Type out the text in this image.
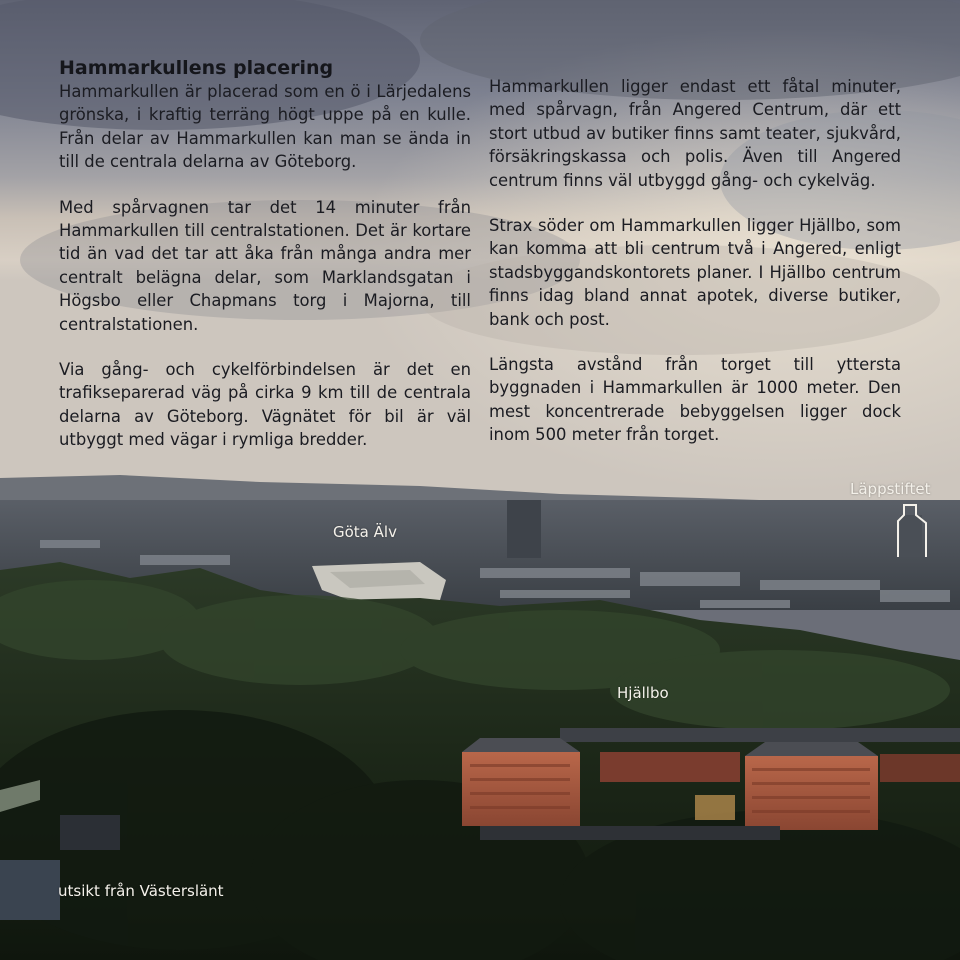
Hammarkullens placering

Hammarkullen är placerad som en ö i Lärjedalens grönska, i kraftig terräng högt uppe på en kulle. Från delar av Hammarkullen kan man se ända in till de centrala delarna av Göteborg.

Med spårvagnen tar det 14 minuter från Hammarkullen till centralstationen. Det är kortare tid än vad det tar att åka från många andra mer centralt belägna delar, som Marklandsgatan i Högsbo eller Chapmans torg i Majorna, till centralstationen.

Via gång- och cykelförbindelsen är det en trafikseparerad väg på cirka 9 km till de centrala delarna av Göteborg. Vägnätet för bil är väl utbyggt med vägar i rymliga bredder.

Hammarkullen ligger endast ett fåtal minuter, med spårvagn, från Angered Centrum, där ett stort utbud av butiker finns samt teater, sjukvård, försäkringskassa och polis. Även till Angered centrum finns väl utbyggd gång- och cykelväg.

Strax söder om Hammarkullen ligger Hjällbo, som kan komma att bli centrum två i Angered, enligt stadsbyggandskontorets planer. I Hjällbo centrum finns idag bland annat apotek, diverse butiker, bank och post.

Längsta avstånd från torget till yttersta byggnaden i Hammarkullen är 1000 meter. Den mest koncentrerade bebyggelsen ligger dock inom 500 meter från torget.

Göta Älv
Läppstiftet
Hjällbo
utsikt från Västerslänt
